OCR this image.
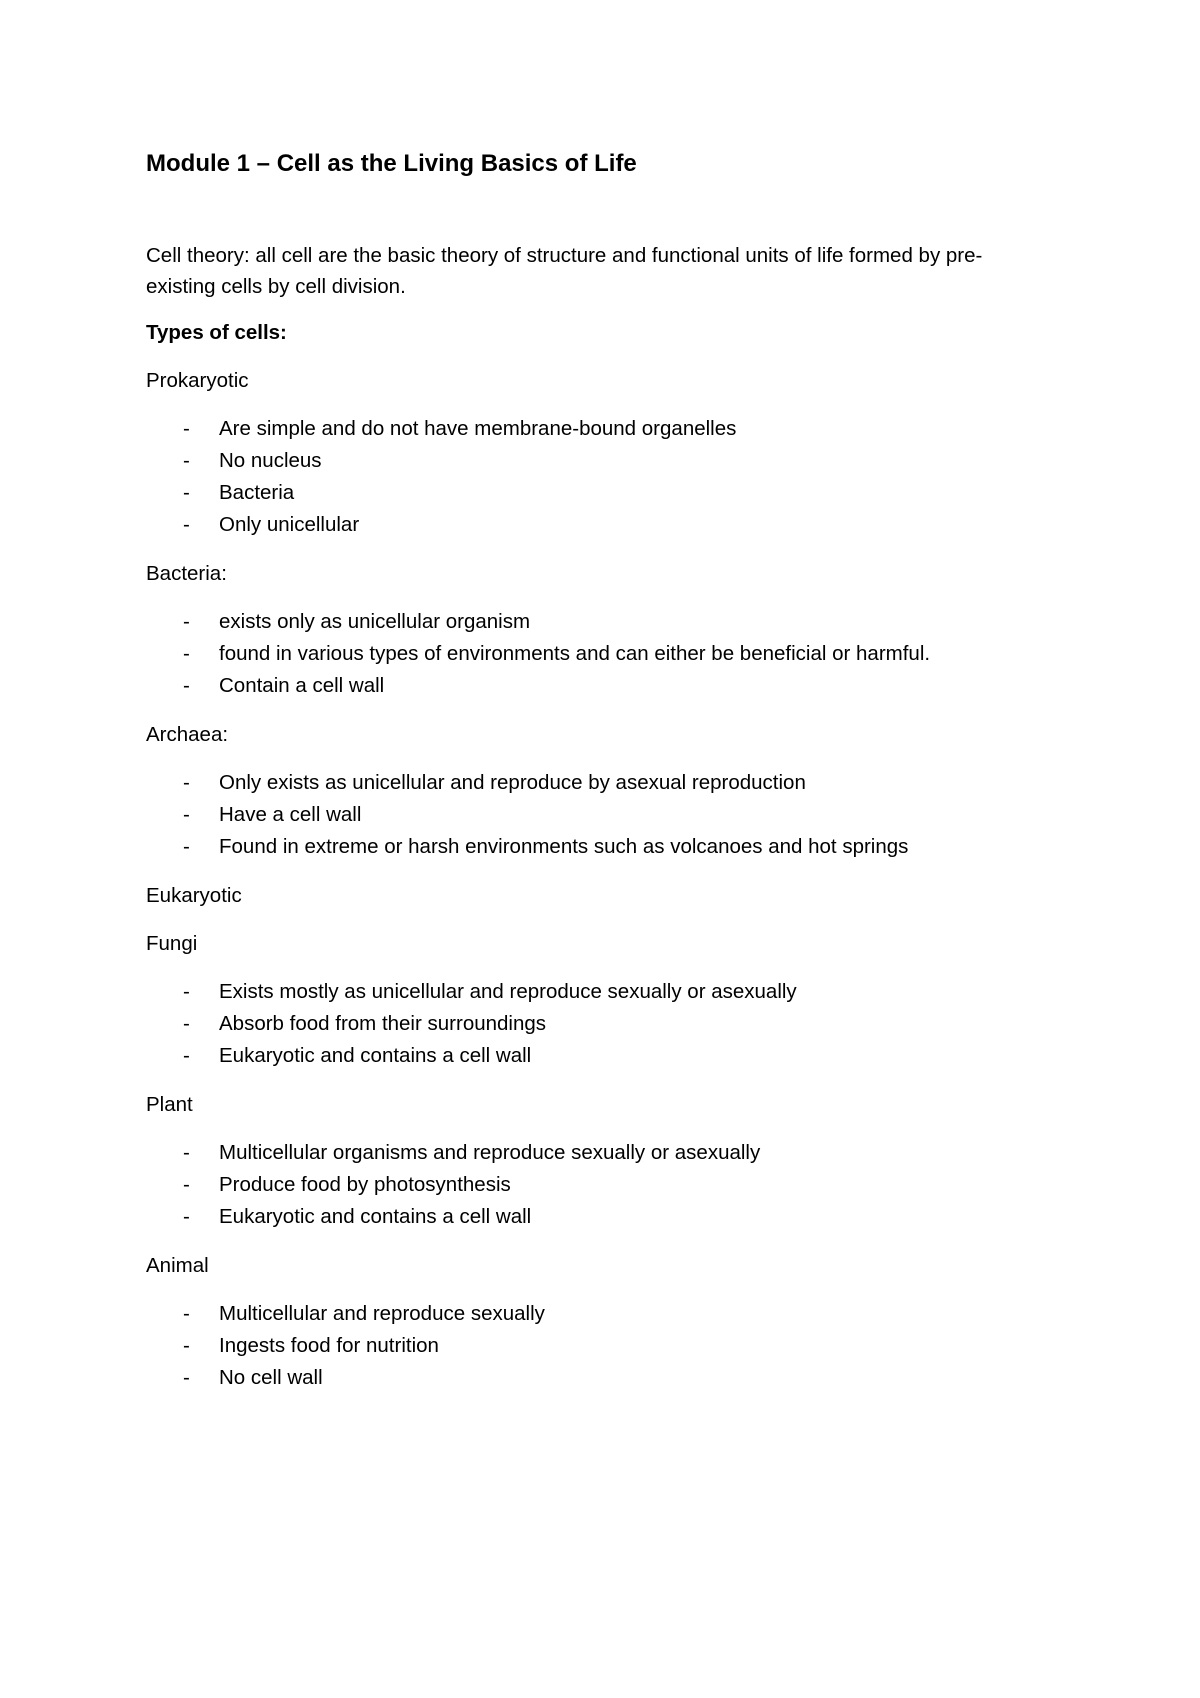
Module 1 – Cell as the Living Basics of Life

Cell theory: all cell are the basic theory of structure and functional units of life formed by pre-existing cells by cell division.

Types of cells:
Prokaryotic
- Are simple and do not have membrane-bound organelles
- No nucleus
- Bacteria
- Only unicellular
Bacteria:
- exists only as unicellular organism
- found in various types of environments and can either be beneficial or harmful.
- Contain a cell wall
Archaea:
- Only exists as unicellular and reproduce by asexual reproduction
- Have a cell wall
- Found in extreme or harsh environments such as volcanoes and hot springs
Eukaryotic
Fungi
- Exists mostly as unicellular and reproduce sexually or asexually
- Absorb food from their surroundings
- Eukaryotic and contains a cell wall
Plant
- Multicellular organisms and reproduce sexually or asexually
- Produce food by photosynthesis
- Eukaryotic and contains a cell wall
Animal
- Multicellular and reproduce sexually
- Ingests food for nutrition
- No cell wall
